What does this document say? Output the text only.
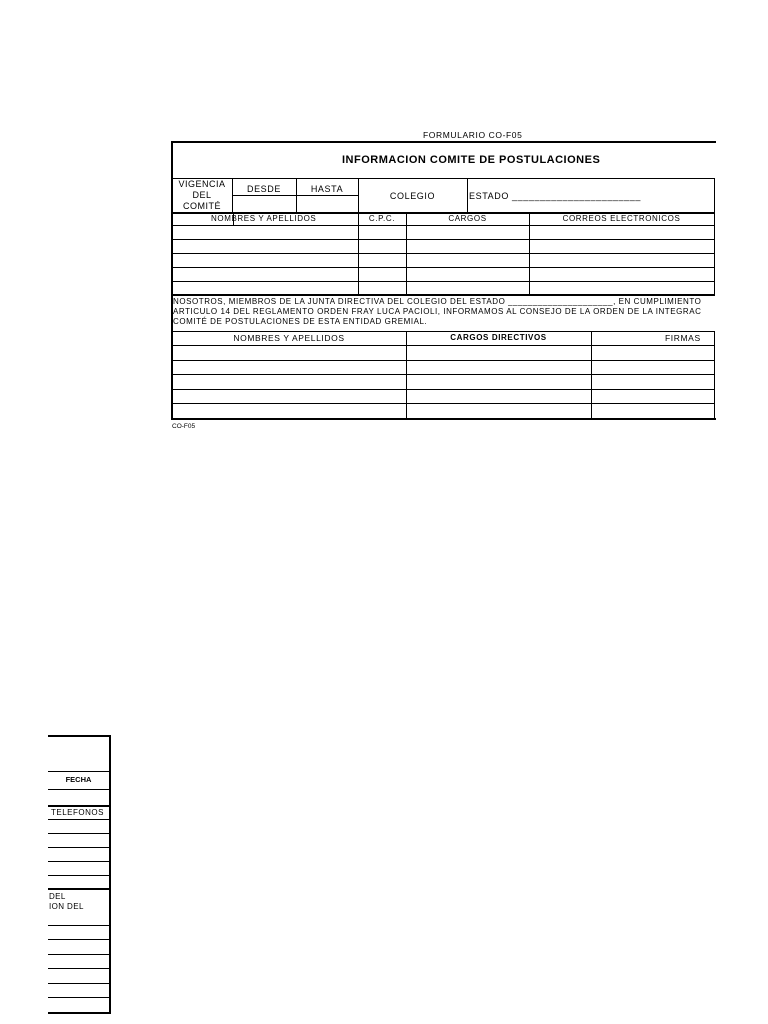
FORMULARIO CO-F05
INFORMACION COMITE DE POSTULACIONES
VIGENCIA
DEL
COMITÉ
DESDE	HASTA
COLEGIO	ESTADO _______________________
NOMBRES Y APELLIDOS	C.P.C.	CARGOS	CORREOS ELECTRONICOS
NOSOTROS, MIEMBROS DE LA JUNTA DIRECTIVA DEL COLEGIO DEL ESTADO _____________________, EN CUMPLIMIENTO
ARTICULO 14 DEL REGLAMENTO ORDEN FRAY LUCA PACIOLI, INFORMAMOS AL CONSEJO DE LA ORDEN DE LA INTEGRAC
COMITÉ DE POSTULACIONES DE ESTA ENTIDAD GREMIAL.
NOMBRES Y APELLIDOS	CARGOS DIRECTIVOS	FIRMAS
CO-F05
FECHA
TELEFONOS
DEL
ION DEL
